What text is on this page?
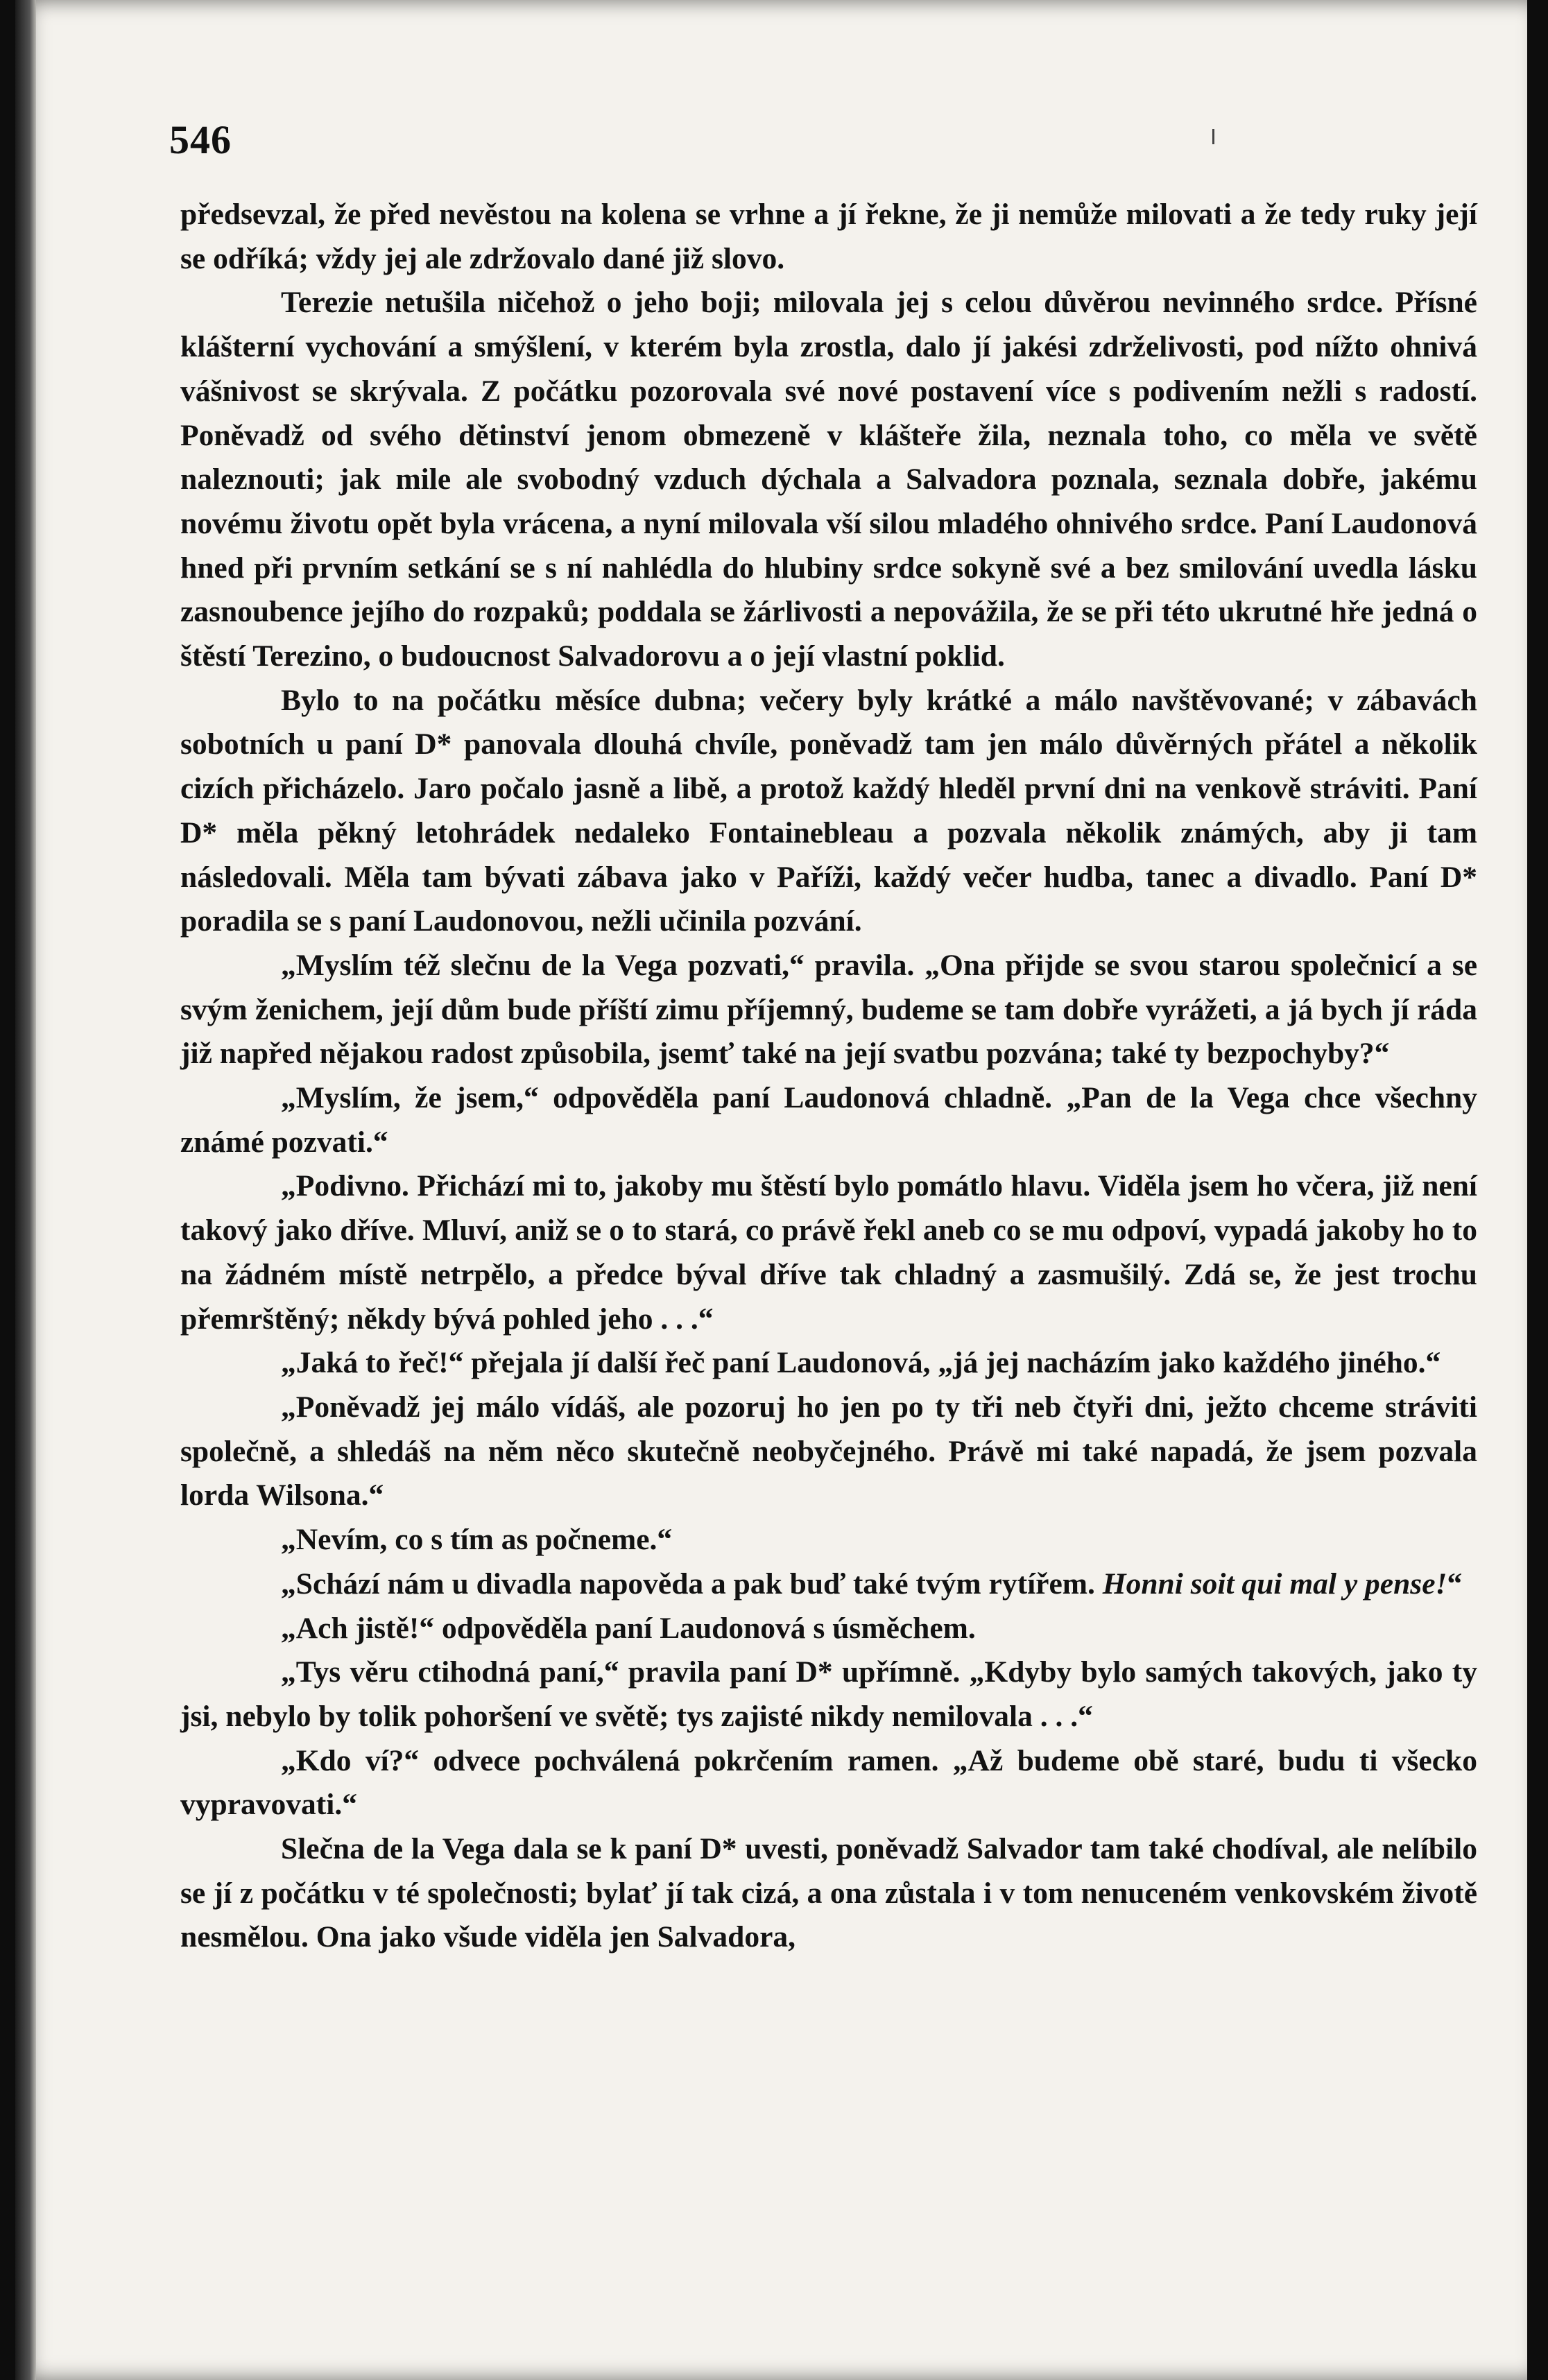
546

předsevzal, že před nevěstou na kolena se vrhne a jí řekne, že ji nemůže milovati a že tedy ruky její se odříká; vždy jej ale zdržovalo dané již slovo.

Terezie netušila ničehož o jeho boji; milovala jej s celou důvěrou nevinného srdce. Přísné klášterní vychování a smýšlení, v kterém byla zrostla, dalo jí jakési zdrželivosti, pod nížto ohnivá vášnivost se skrývala. Z počátku pozorovala své nové postavení více s podivením nežli s radostí. Poněvadž od svého dětinství jenom obmezeně v klášteře žila, neznala toho, co měla ve světě naleznouti; jak mile ale svobodný vzduch dýchala a Salvadora poznala, seznala dobře, jakému novému životu opět byla vrácena, a nyní milovala vší silou mladého ohnivého srdce. Paní Laudonová hned při prvním setkání se s ní nahlédla do hlubiny srdce sokyně své a bez smilování uvedla lásku zasnoubence jejího do rozpaků; poddala se žárlivosti a nepovážila, že se při této ukrutné hře jedná o štěstí Terezino, o budoucnost Salvadorovu a o její vlastní poklid.

Bylo to na počátku měsíce dubna; večery byly krátké a málo navštěvované; v zábavách sobotních u paní D* panovala dlouhá chvíle, poněvadž tam jen málo důvěrných přátel a několik cizích přicházelo. Jaro počalo jasně a libě, a protož každý hleděl první dni na venkově stráviti. Paní D* měla pěkný letohrádek nedaleko Fontainebleau a pozvala několik známých, aby ji tam následovali. Měla tam bývati zábava jako v Paříži, každý večer hudba, tanec a divadlo. Paní D* poradila se s paní Laudonovou, nežli učinila pozvání.

„Myslím též slečnu de la Vega pozvati,“ pravila. „Ona přijde se svou starou společnicí a se svým ženichem, její dům bude příští zimu příjemný, budeme se tam dobře vyrážeti, a já bych jí ráda již napřed nějakou radost způsobila, jsemť také na její svatbu pozvána; také ty bezpochyby?“

„Myslím, že jsem,“ odpověděla paní Laudonová chladně. „Pan de la Vega chce všechny známé pozvati.“

„Podivno. Přichází mi to, jakoby mu štěstí bylo pomátlo hlavu. Viděla jsem ho včera, již není takový jako dříve. Mluví, aniž se o to stará, co právě řekl aneb co se mu odpoví, vypadá jakoby ho to na žádném místě netrpělo, a předce býval dříve tak chladný a zasmušilý. Zdá se, že jest trochu přemrštěný; někdy bývá pohled jeho . . .“

„Jaká to řeč!“ přejala jí další řeč paní Laudonová, „já jej nacházím jako každého jiného.“

„Poněvadž jej málo vídáš, ale pozoruj ho jen po ty tři neb čtyři dni, ježto chceme stráviti společně, a shledáš na něm něco skutečně neobyčejného. Právě mi také napadá, že jsem pozvala lorda Wilsona.“

„Nevím, co s tím as počneme.“

„Schází nám u divadla napověda a pak buď také tvým rytířem. Honni soit qui mal y pense!“

„Ach jistě!“ odpověděla paní Laudonová s úsměchem.

„Tys věru ctihodná paní,“ pravila paní D* upřímně. „Kdyby bylo samých takových, jako ty jsi, nebylo by tolik pohoršení ve světě; tys zajisté nikdy nemilovala . . .“

„Kdo ví?“ odvece pochválená pokrčením ramen. „Až budeme obě staré, budu ti všecko vypravovati.“

Slečna de la Vega dala se k paní D* uvesti, poněvadž Salvador tam také chodíval, ale nelíbilo se jí z počátku v té společnosti; bylať jí tak cizá, a ona zůstala i v tom nenuceném venkovském životě nesmělou. Ona jako všude viděla jen Salvadora,
